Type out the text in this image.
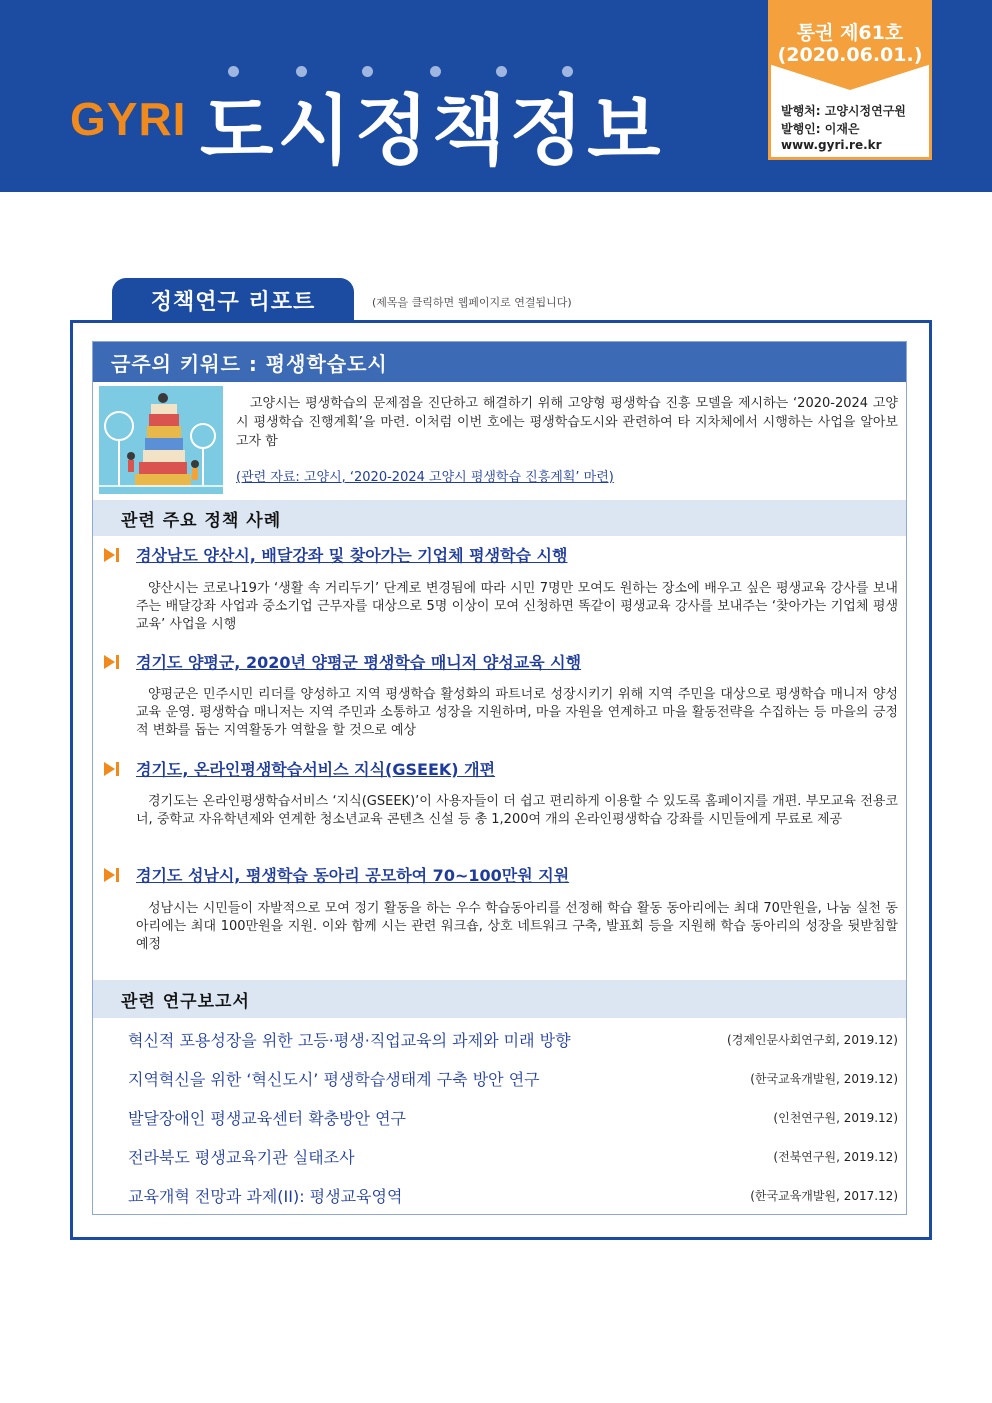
GYRI 도시정책정보
통권 제61호
(2020.06.01.)
발행처: 고양시정연구원
발행인: 이재은
www.gyri.re.kr
정책연구 리포트	(제목을 클릭하면 웹페이지로 연결됩니다)
금주의 키워드 : 평생학습도시
고양시는 평생학습의 문제점을 진단하고 해결하기 위해 고양형 평생학습 진흥 모델을 제시하는 ‘2020-2024 고양시 평생학습 진행계획’을 마련. 이처럼 이번 호에는 평생학습도시와 관련하여 타 지차체에서 시행하는 사업을 알아보고자 함
(관련 자료: 고양시, ‘2020-2024 고양시 평생학습 진흥계획’ 마련)
관련 주요 정책 사례
경상남도 양산시, 배달강좌 및 찾아가는 기업체 평생학습 시행
양산시는 코로나19가 ‘생활 속 거리두기’ 단계로 변경됨에 따라 시민 7명만 모여도 원하는 장소에 배우고 싶은 평생교육 강사를 보내주는 배달강좌 사업과 중소기업 근무자를 대상으로 5명 이상이 모여 신청하면 똑같이 평생교육 강사를 보내주는 ‘찾아가는 기업체 평생교육’ 사업을 시행
경기도 양평군, 2020년 양평군 평생학습 매니저 양성교육 시행
양평군은 민주시민 리더를 양성하고 지역 평생학습 활성화의 파트너로 성장시키기 위해 지역 주민을 대상으로 평생학습 매니저 양성교육 운영. 평생학습 매니저는 지역 주민과 소통하고 성장을 지원하며, 마을 자원을 연계하고 마을 활동전략을 수집하는 등 마을의 긍정적 변화를 돕는 지역활동가 역할을 할 것으로 예상
경기도, 온라인평생학습서비스 지식(GSEEK) 개편
경기도는 온라인평생학습서비스 ‘지식(GSEEK)’이 사용자들이 더 쉽고 편리하게 이용할 수 있도록 홈페이지를 개편. 부모교육 전용코너, 중학교 자유학년제와 연계한 청소년교육 콘텐츠 신설 등 총 1,200여 개의 온라인평생학습 강좌를 시민들에게 무료로 제공
경기도 성남시, 평생학습 동아리 공모하여 70~100만원 지원
성남시는 시민들이 자발적으로 모여 정기 활동을 하는 우수 학습동아리를 선정해 학습 활동 동아리에는 최대 70만원을, 나눔 실천 동아리에는 최대 100만원을 지원. 이와 함께 시는 관련 워크숍, 상호 네트워크 구축, 발표회 등을 지원해 학습 동아리의 성장을 뒷받침할 예정
관련 연구보고서
혁신적 포용성장을 위한 고등·평생·직업교육의 과제와 미래 방향	(경제인문사회연구회, 2019.12)
지역혁신을 위한 ‘혁신도시’ 평생학습생태계 구축 방안 연구	(한국교육개발원, 2019.12)
발달장애인 평생교육센터 확충방안 연구	(인천연구원, 2019.12)
전라북도 평생교육기관 실태조사	(전북연구원, 2019.12)
교육개혁 전망과 과제(II): 평생교육영역	(한국교육개발원, 2017.12)
